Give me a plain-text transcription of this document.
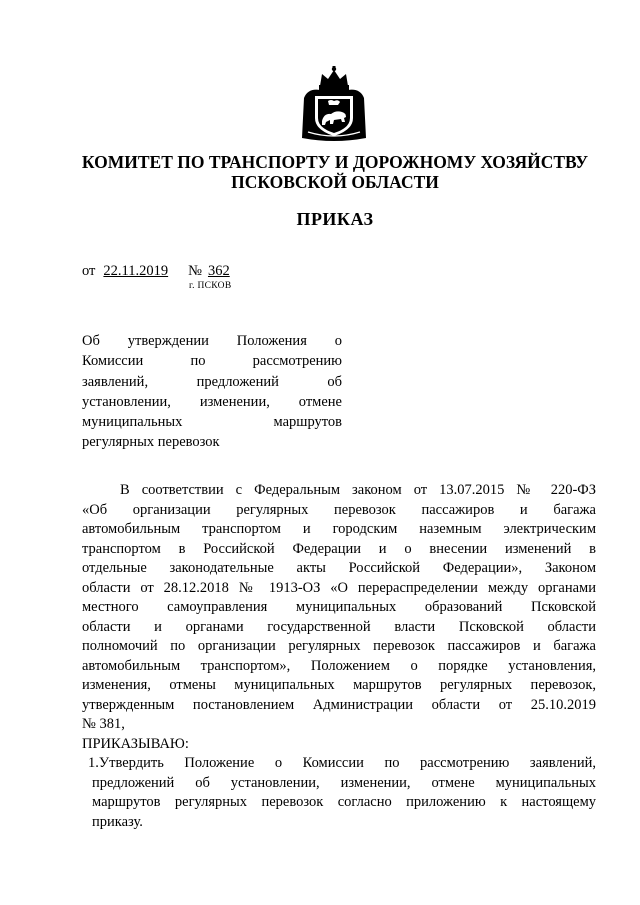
КОМИТЕТ ПО ТРАНСПОРТУ И ДОРОЖНОМУ ХОЗЯЙСТВУ
ПСКОВСКОЙ ОБЛАСТИ
ПРИКАЗ
от 22.11.2019 № 362
г. ПСКОВ
Об утверждении Положения о
Комиссии по рассмотрению
заявлений, предложений об
установлении, изменении, отмене
муниципальных маршрутов
регулярных перевозок
В соответствии с Федеральным законом от 13.07.2015 № 220-ФЗ
«Об организации регулярных перевозок пассажиров и багажа
автомобильным транспортом и городским наземным электрическим
транспортом в Российской Федерации и о внесении изменений в
отдельные законодательные акты Российской Федерации», Законом
области от 28.12.2018 № 1913-ОЗ «О перераспределении между органами
местного самоуправления муниципальных образований Псковской
области и органами государственной власти Псковской области
полномочий по организации регулярных перевозок пассажиров и багажа
автомобильным транспортом», Положением о порядке установления,
изменения, отмены муниципальных маршрутов регулярных перевозок,
утвержденным постановлением Администрации области от 25.10.2019
№ 381,
ПРИКАЗЫВАЮ:
1.Утвердить Положение о Комиссии по рассмотрению заявлений,
предложений об установлении, изменении, отмене муниципальных
маршрутов регулярных перевозок согласно приложению к настоящему
приказу.
